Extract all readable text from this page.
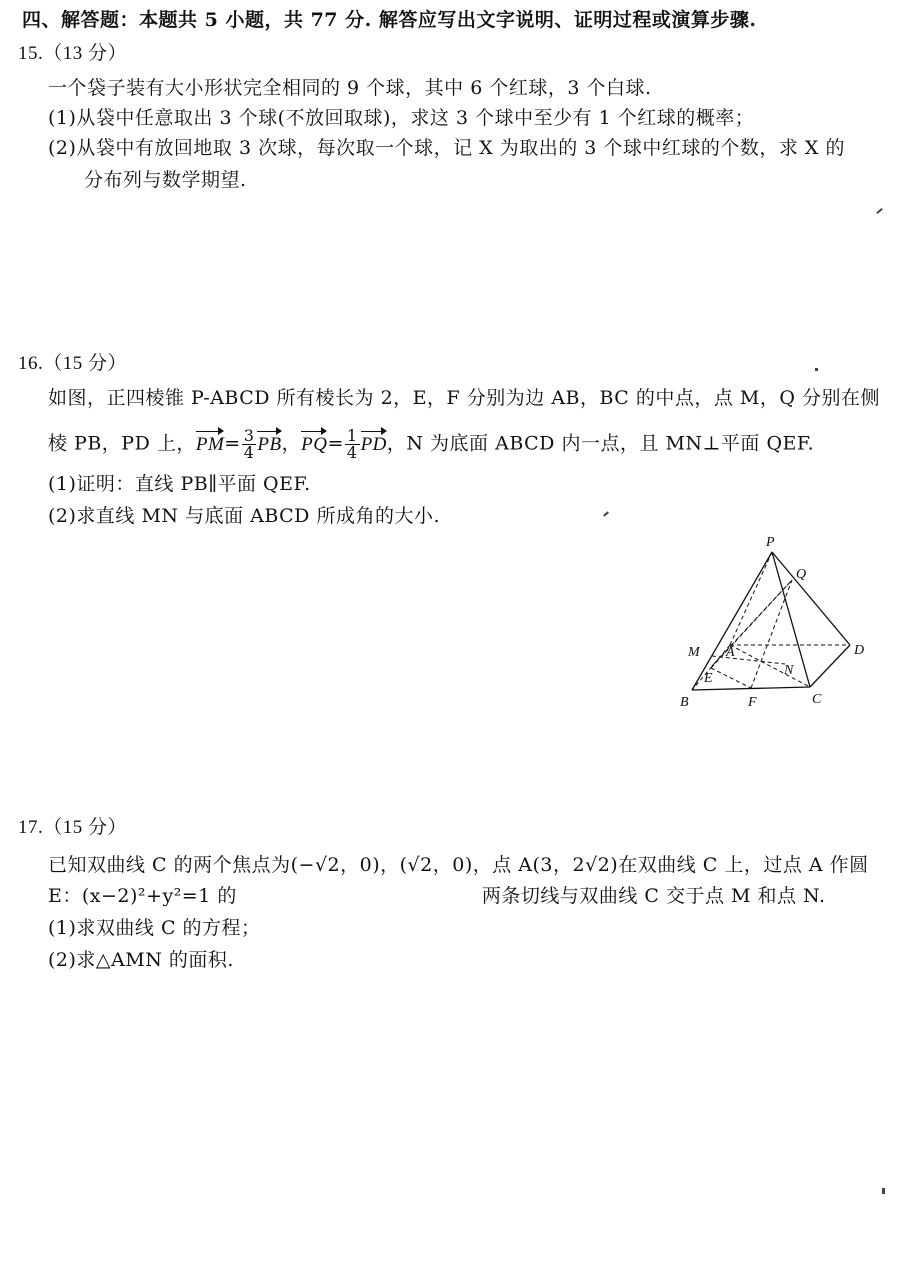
四、解答题：本题共 5 小题，共 77 分. 解答应写出文字说明、证明过程或演算步骤.
15.（13 分）
一个袋子装有大小形状完全相同的 9 个球，其中 6 个红球，3 个白球.
(1)从袋中任意取出 3 个球(不放回取球)，求这 3 个球中至少有 1 个红球的概率；
(2)从袋中有放回地取 3 次球，每次取一个球，记 X 为取出的 3 个球中红球的个数，求 X 的
分布列与数学期望.
16.（15 分）
如图，正四棱锥 P-ABCD 所有棱长为 2，E，F 分别为边 AB，BC 的中点，点 M，Q 分别在侧
棱 PB，PD 上，$PM= \frac{3}{4}$ PB，$PQ= \frac{1}{4}$ PD，N 为底面 ABCD 内一点，且 MN⊥平面 QEF.
(1)证明：直线 PB∥平面 QEF.
(2)求直线 MN 与底面 ABCD 所成角的大小.
P
Q
M A	D
N
E
B	F	C
17.（15 分）
已知双曲线 C 的两个焦点为(−√2，0)，(√2，0)，点 A(3，2√2)在双曲线 C 上，过点 A 作圆
E：(x−2)²+y²=1 的	两条切线与双曲线 C 交于点 M 和点 N.
(1)求双曲线 C 的方程；
(2)求△AMN 的面积.
